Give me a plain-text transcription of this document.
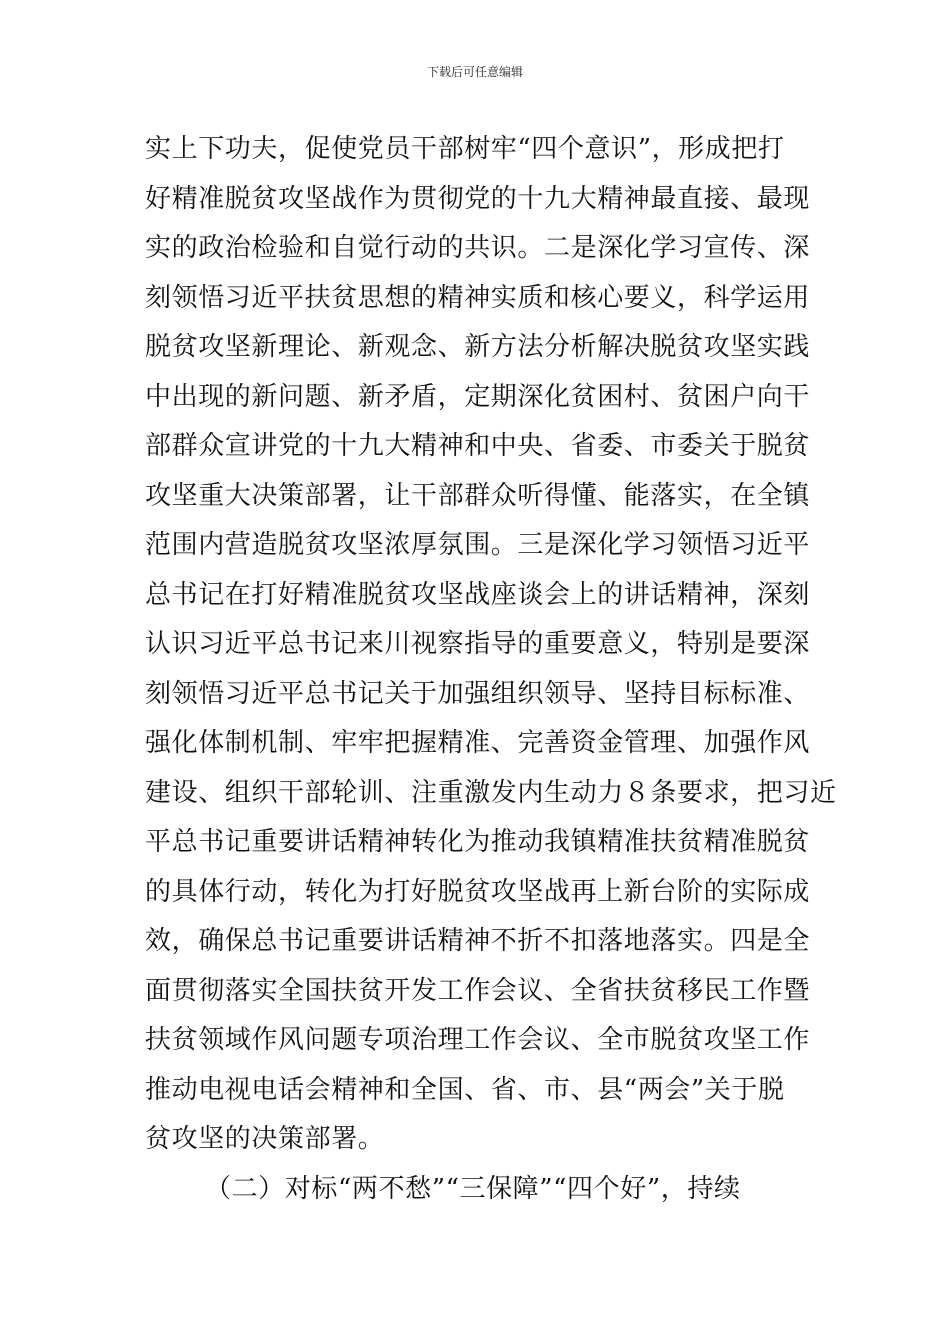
下载后可任意编辑
实上下功夫，促使党员干部树牢“四个意识”，形成把打
好精准脱贫攻坚战作为贯彻党的十九大精神最直接、最现
实的政治检验和自觉行动的共识。二是深化学习宣传、深
刻领悟习近平扶贫思想的精神实质和核心要义，科学运用
脱贫攻坚新理论、新观念、新方法分析解决脱贫攻坚实践
中出现的新问题、新矛盾，定期深化贫困村、贫困户向干
部群众宣讲党的十九大精神和中央、省委、市委关于脱贫
攻坚重大决策部署，让干部群众听得懂、能落实，在全镇
范围内营造脱贫攻坚浓厚氛围。三是深化学习领悟习近平
总书记在打好精准脱贫攻坚战座谈会上的讲话精神，深刻
认识习近平总书记来川视察指导的重要意义，特别是要深
刻领悟习近平总书记关于加强组织领导、坚持目标标准、
强化体制机制、牢牢把握精准、完善资金管理、加强作风
建设、组织干部轮训、注重激发内生动力８条要求，把习近
平总书记重要讲话精神转化为推动我镇精准扶贫精准脱贫
的具体行动，转化为打好脱贫攻坚战再上新台阶的实际成
效，确保总书记重要讲话精神不折不扣落地落实。四是全
面贯彻落实全国扶贫开发工作会议、全省扶贫移民工作暨
扶贫领域作风问题专项治理工作会议、全市脱贫攻坚工作
推动电视电话会精神和全国、省、市、县“两会”关于脱
贫攻坚的决策部署。
（二）对标“两不愁”“三保障”“四个好”，持续
